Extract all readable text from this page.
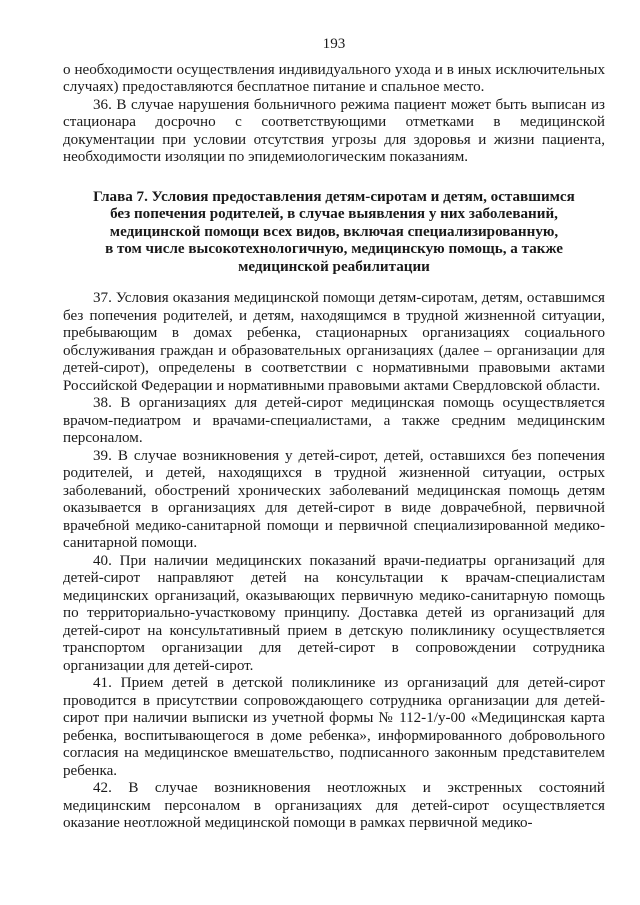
193

о необходимости осуществления индивидуального ухода и в иных исключительных случаях) предоставляются бесплатное питание и спальное место.

36. В случае нарушения больничного режима пациент может быть выписан из стационара досрочно с соответствующими отметками в медицинской документации при условии отсутствия угрозы для здоровья и жизни пациента, необходимости изоляции по эпидемиологическим показаниям.

Глава 7. Условия предоставления детям-сиротам и детям, оставшимся
без попечения родителей, в случае выявления у них заболеваний,
медицинской помощи всех видов, включая специализированную,
в том числе высокотехнологичную, медицинскую помощь, а также
медицинской реабилитации

37. Условия оказания медицинской помощи детям-сиротам, детям, оставшимся без попечения родителей, и детям, находящимся в трудной жизненной ситуации, пребывающим в домах ребенка, стационарных организациях социального обслуживания граждан и образовательных организациях (далее – организации для детей-сирот), определены в соответствии с нормативными правовыми актами Российской Федерации и нормативными правовыми актами Свердловской области.

38. В организациях для детей-сирот медицинская помощь осуществляется врачом-педиатром и врачами-специалистами, а также средним медицинским персоналом.

39. В случае возникновения у детей-сирот, детей, оставшихся без попечения родителей, и детей, находящихся в трудной жизненной ситуации, острых заболеваний, обострений хронических заболеваний медицинская помощь детям оказывается в организациях для детей-сирот в виде доврачебной, первичной врачебной медико-санитарной помощи и первичной специализированной медико-санитарной помощи.

40. При наличии медицинских показаний врачи-педиатры организаций для детей-сирот направляют детей на консультации к врачам-специалистам медицинских организаций, оказывающих первичную медико-санитарную помощь по территориально-участковому принципу. Доставка детей из организаций для детей-сирот на консультативный прием в детскую поликлинику осуществляется транспортом организации для детей-сирот в сопровождении сотрудника организации для детей-сирот.

41. Прием детей в детской поликлинике из организаций для детей-сирот проводится в присутствии сопровождающего сотрудника организации для детей-сирот при наличии выписки из учетной формы № 112-1/у-00 «Медицинская карта ребенка, воспитывающегося в доме ребенка», информированного добровольного согласия на медицинское вмешательство, подписанного законным представителем ребенка.

42. В случае возникновения неотложных и экстренных состояний медицинским персоналом в организациях для детей-сирот осуществляется оказание неотложной медицинской помощи в рамках первичной медико-
